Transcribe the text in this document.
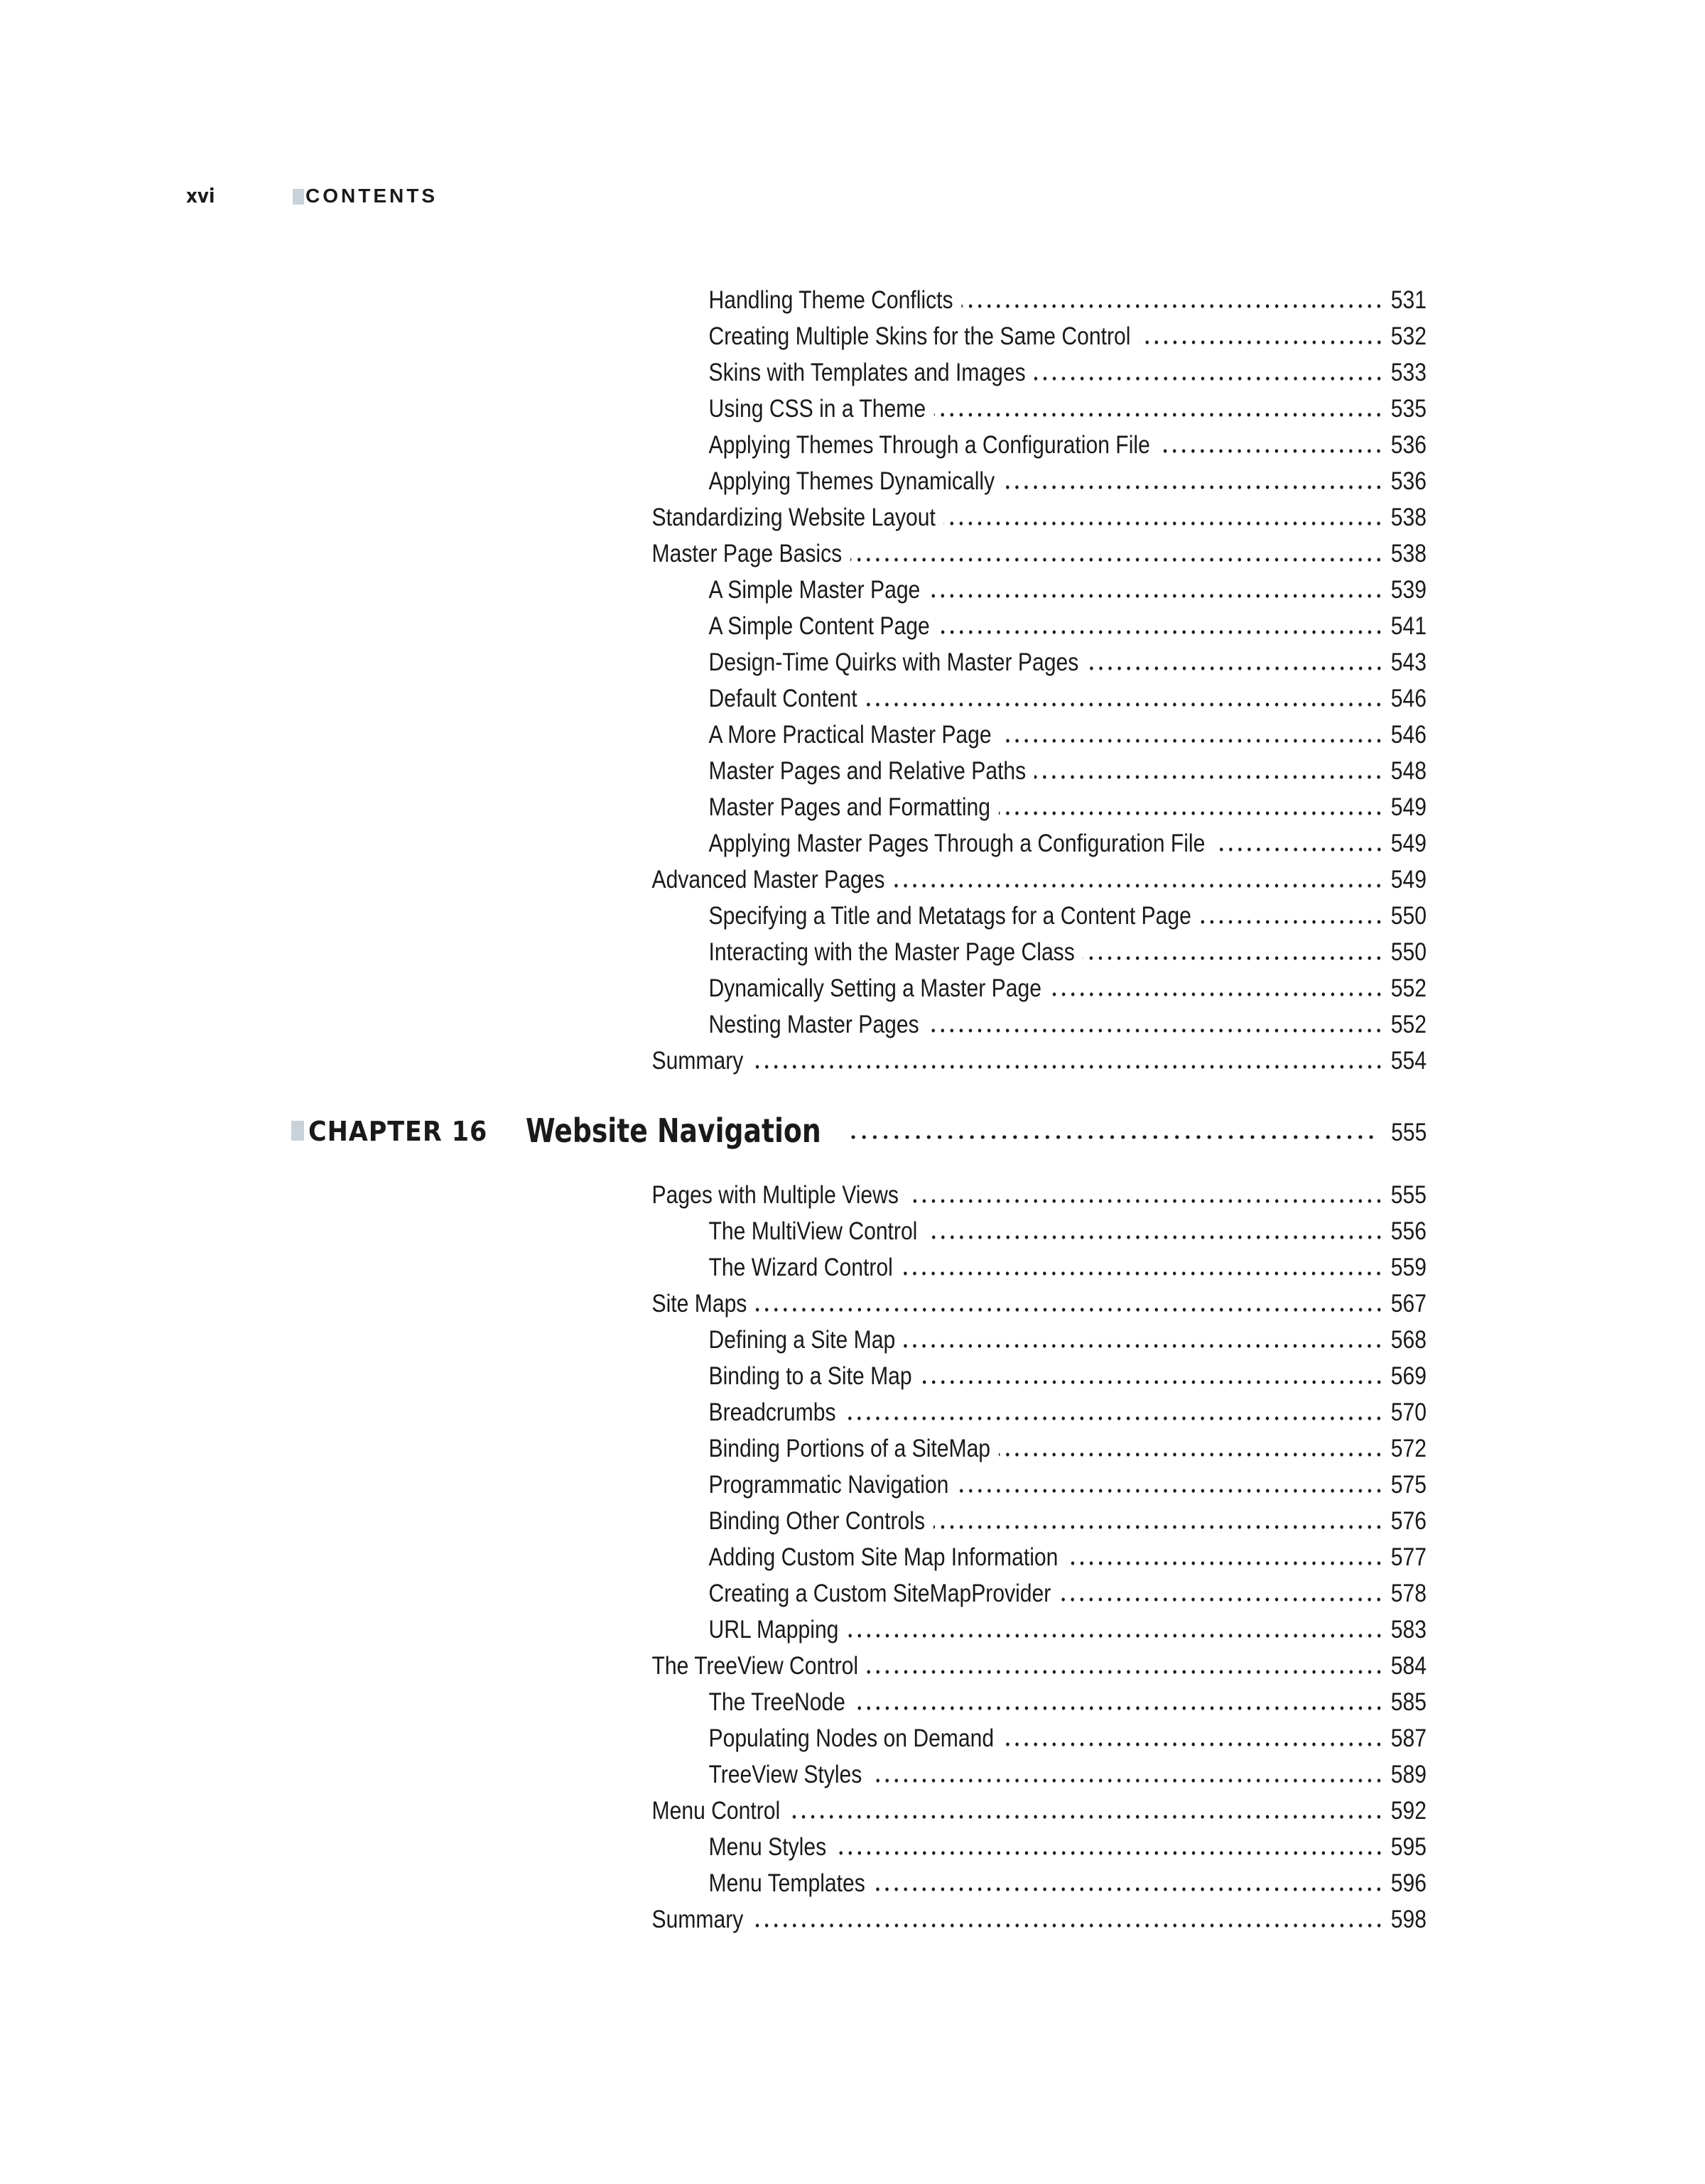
xvi	CONTENTS
Handling Theme Conflicts	531
Creating Multiple Skins for the Same Control	532
Skins with Templates and Images	533
Using CSS in a Theme	535
Applying Themes Through a Configuration File	536
Applying Themes Dynamically	536
Standardizing Website Layout	538
Master Page Basics	538
A Simple Master Page	539
A Simple Content Page	541
Design-Time Quirks with Master Pages	543
Default Content	546
A More Practical Master Page	546
Master Pages and Relative Paths	548
Master Pages and Formatting	549
Applying Master Pages Through a Configuration File	549
Advanced Master Pages	549
Specifying a Title and Metatags for a Content Page	550
Interacting with the Master Page Class	550
Dynamically Setting a Master Page	552
Nesting Master Pages	552
Summary	554
CHAPTER 16 Website Navigation	555
Pages with Multiple Views	555
The MultiView Control	556
The Wizard Control	559
Site Maps	567
Defining a Site Map	568
Binding to a Site Map	569
Breadcrumbs	570
Binding Portions of a SiteMap	572
Programmatic Navigation	575
Binding Other Controls	576
Adding Custom Site Map Information	577
Creating a Custom SiteMapProvider	578
URL Mapping	583
The TreeView Control	584
The TreeNode	585
Populating Nodes on Demand	587
TreeView Styles	589
Menu Control	592
Menu Styles	595
Menu Templates	596
Summary	598
